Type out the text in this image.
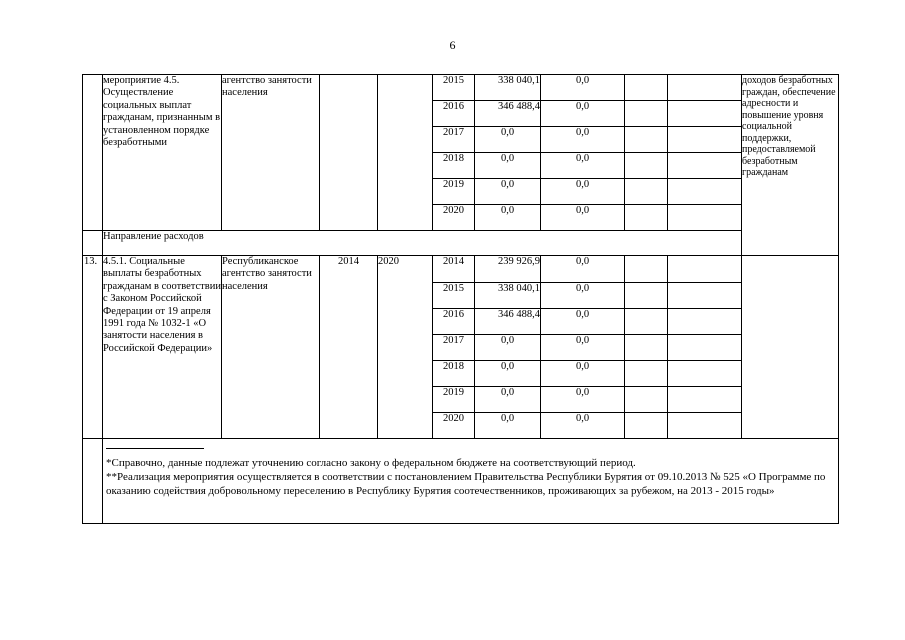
6
	мероприятие 4.5. Осуществление социальных выплат гражданам, признанным в установленном порядке безработными	агентство занятости населения			2015	338 040,1	0,0			доходов безработных граждан, обеспечение адресности и повышение уровня социальной поддержки, предоставляемой безработным гражданам
					2016	346 488,4	0,0			
					2017	0,0	0,0			
					2018	0,0	0,0			
					2019	0,0	0,0			
					2020	0,0	0,0			
	Направление расходов									
13.	4.5.1. Социальные выплаты безработных гражданам в соответствии с Законом Российской Федерации от 19 апреля 1991 года № 1032-1 «О занятости населения в Российской Федерации»	Республиканское агентство занятости населения	2014	2020	2014	239 926,9	0,0			
					2015	338 040,1	0,0			
					2016	346 488,4	0,0			
					2017	0,0	0,0			
					2018	0,0	0,0			
					2019	0,0	0,0			
					2020	0,0	0,0			

	*Справочно, данные подлежат уточнению согласно закону о федеральном бюджете на соответствующий период.
**Реализация мероприятия осуществляется в соответствии с постановлением Правительства Республики Бурятия от 09.10.2013 № 525 «О Программе по оказанию содействия добровольному переселению в Республику Бурятия соотечественников, проживающих за рубежом, на 2013 - 2015 годы»									
